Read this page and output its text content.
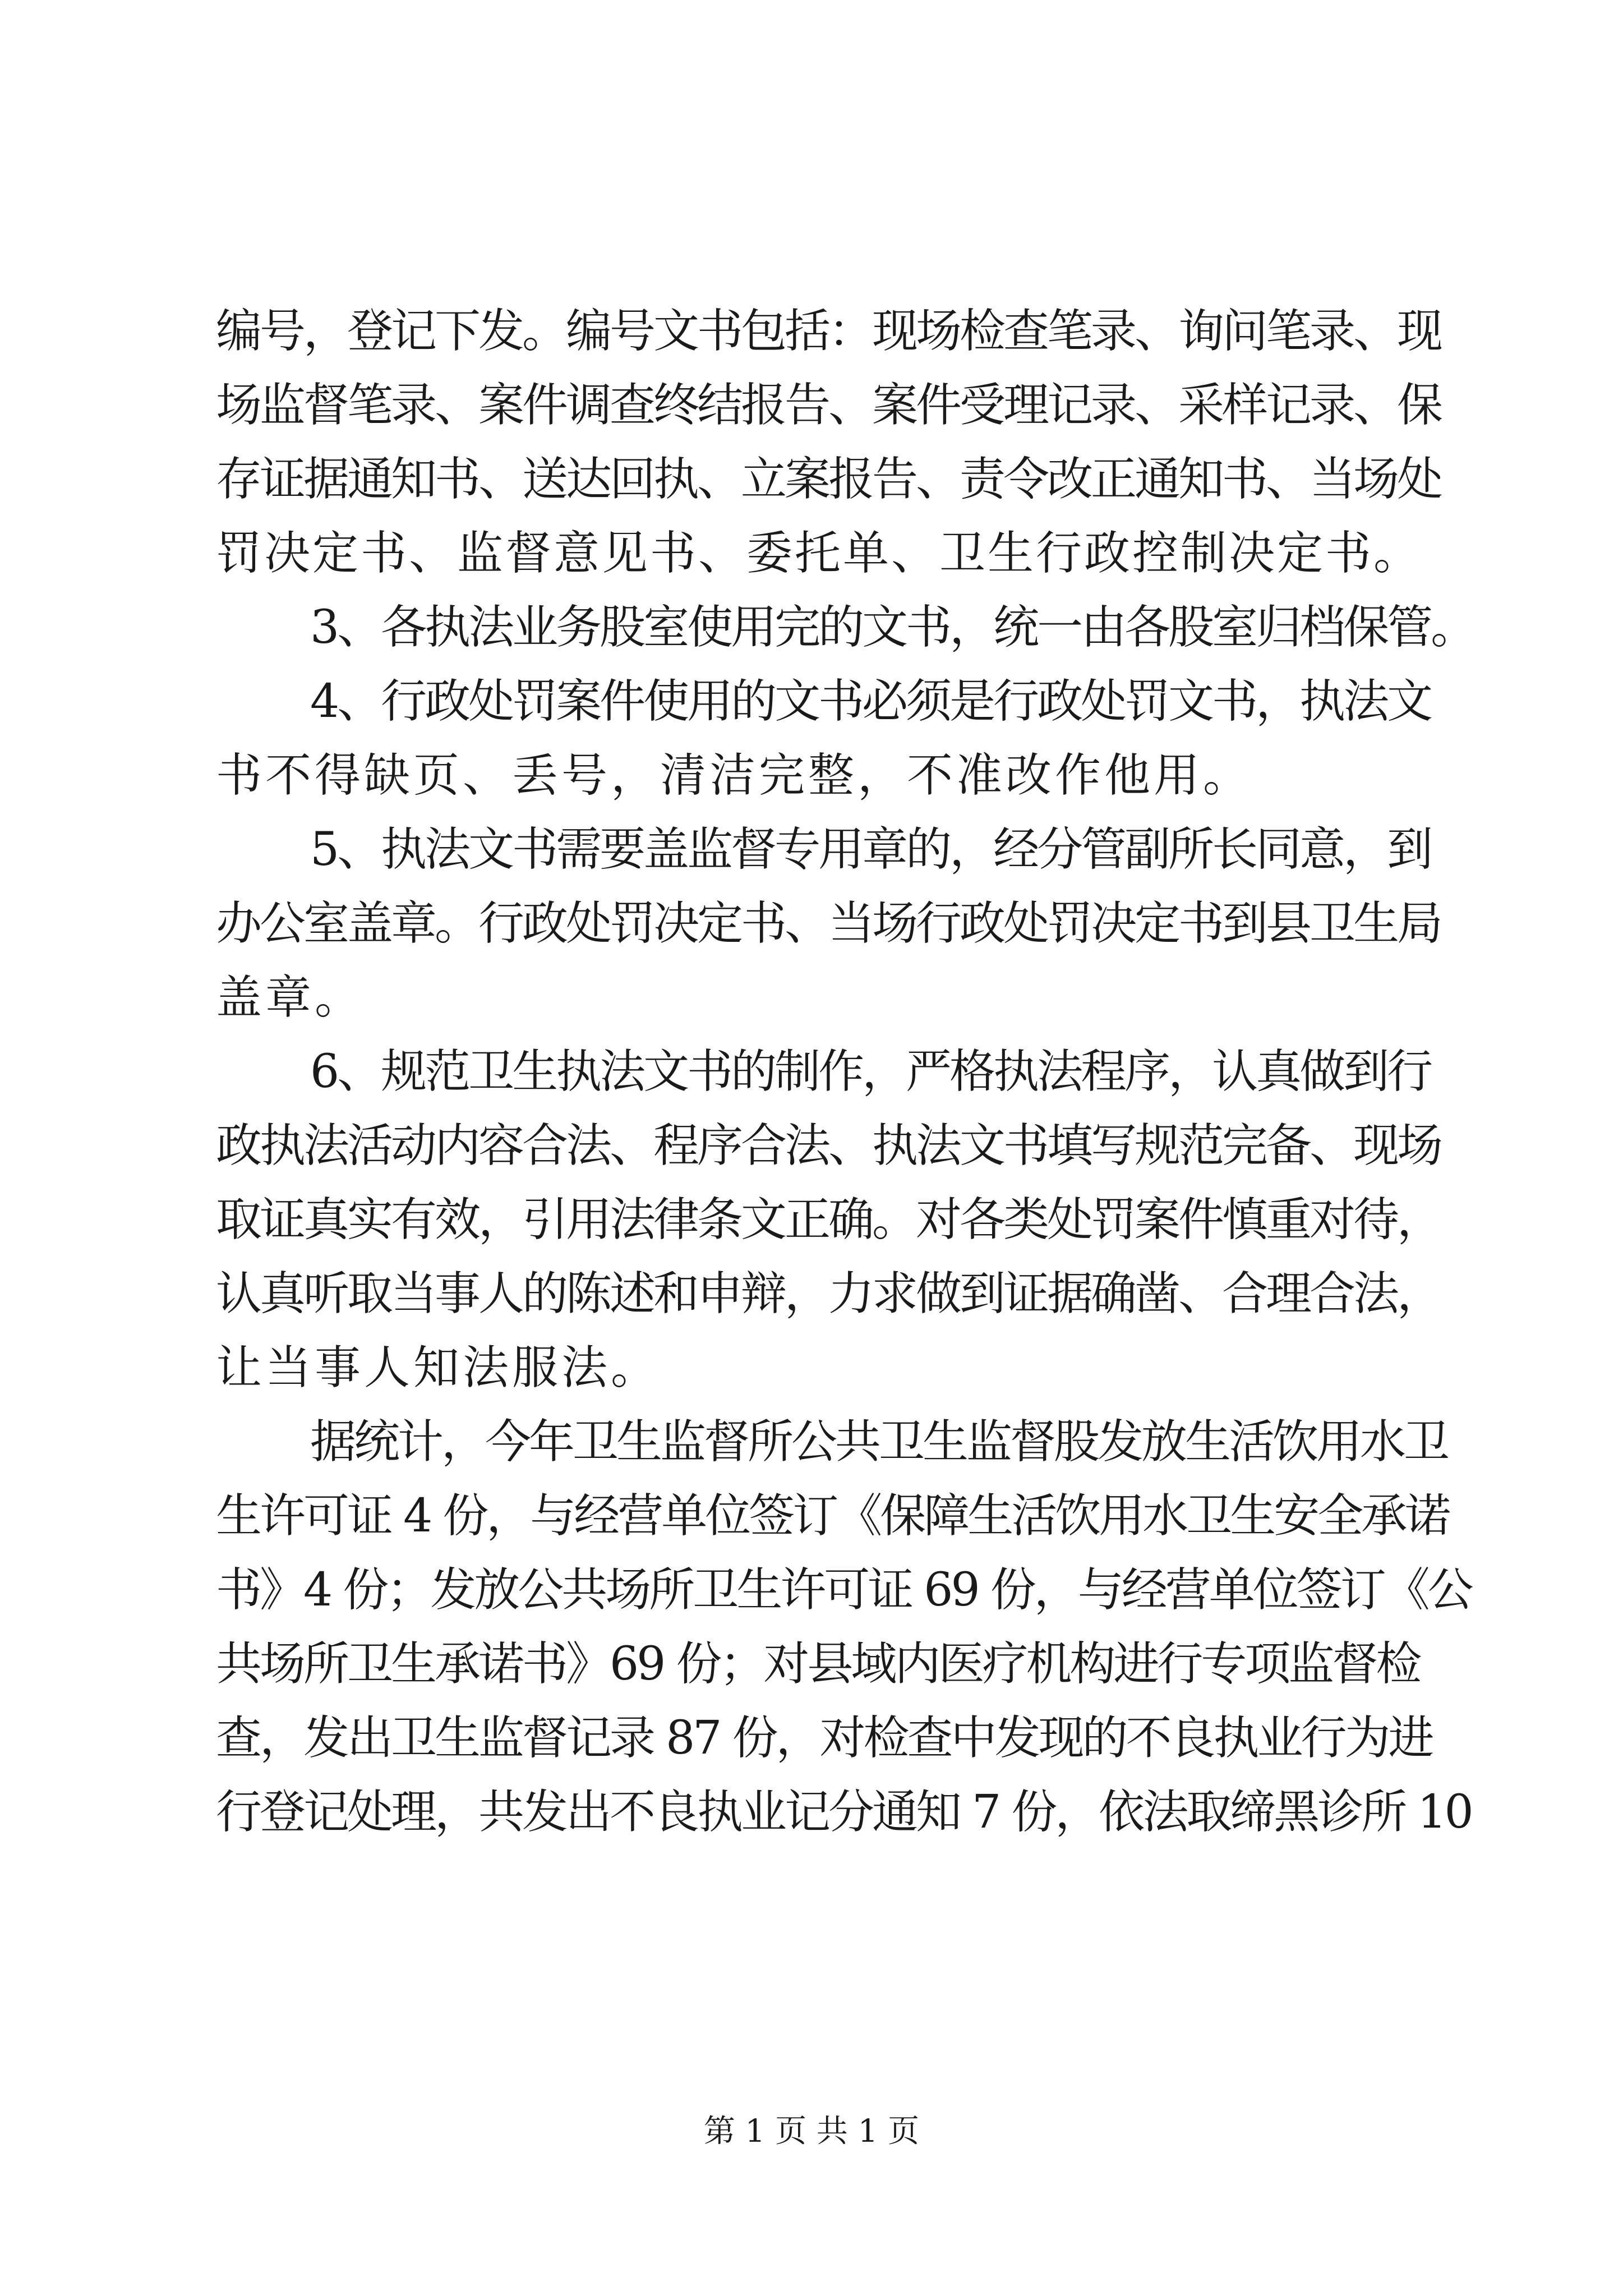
编号，登记下发。编号文书包括：现场检查笔录、询问笔录、现
场监督笔录、案件调查终结报告、案件受理记录、采样记录、保
存证据通知书、送达回执、立案报告、责令改正通知书、当场处
罚决定书、监督意见书、委托单、卫生行政控制决定书。
3、各执法业务股室使用完的文书，统一由各股室归档保管。
4、行政处罚案件使用的文书必须是行政处罚文书，执法文
书不得缺页、丢号，清洁完整，不准改作他用。
5、执法文书需要盖监督专用章的，经分管副所长同意，到
办公室盖章。行政处罚决定书、当场行政处罚决定书到县卫生局
盖章。
6、规范卫生执法文书的制作，严格执法程序，认真做到行
政执法活动内容合法、程序合法、执法文书填写规范完备、现场
取证真实有效，引用法律条文正确。对各类处罚案件慎重对待，
认真听取当事人的陈述和申辩，力求做到证据确凿、合理合法，
让当事人知法服法。
据统计，今年卫生监督所公共卫生监督股发放生活饮用水卫
生许可证 4 份，与经营单位签订《保障生活饮用水卫生安全承诺
书》4 份；发放公共场所卫生许可证 69 份，与经营单位签订《公
共场所卫生承诺书》69 份；对县域内医疗机构进行专项监督检
查，发出卫生监督记录 87 份，对检查中发现的不良执业行为进
行登记处理，共发出不良执业记分通知 7 份，依法取缔黑诊所 10
第 1 页 共 1 页
